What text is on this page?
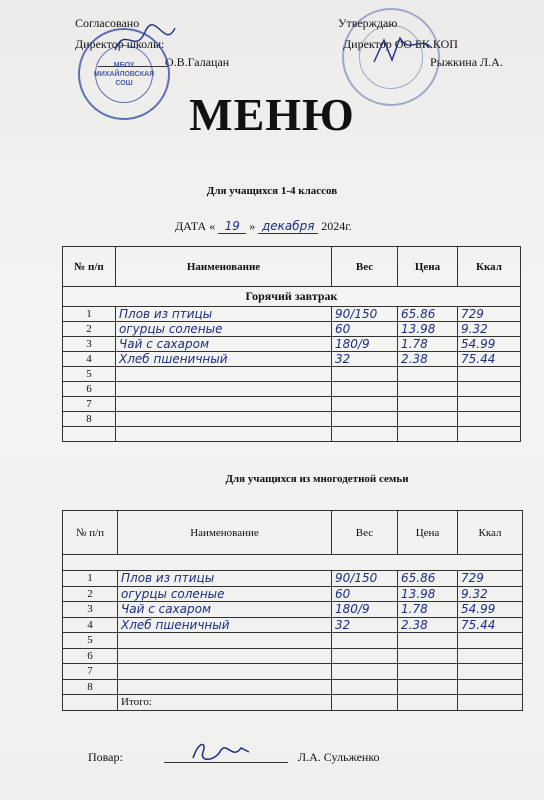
Согласовано
Директор школы:
О.В.Галацан
МБОУ МИХАЙЛОВСКАЯ СОШ
Утверждаю
Директор ОО БК КОП
Рыжкина Л.А.
МЕНЮ
Для учащихся 1-4 классов
ДАТА « 19 » декабря 2024г.
№ п/п	Наименование	Вес	Цена	Ккал
Горячий завтрак				
1	Плов из птицы	90/150	65.86	729
2	огурцы соленые	60	13.98	9.32
3	Чай с сахаром	180/9	1.78	54.99
4	Хлеб пшеничный	32	2.38	75.44
5				
6				
7				
8				

Для учащихся из многодетной семьи
№ п/п	Наименование	Вес	Цена	Ккал

1	Плов из птицы	90/150	65.86	729
2	огурцы соленые	60	13.98	9.32
3	Чай с сахаром	180/9	1.78	54.99
4	Хлеб пшеничный	32	2.38	75.44
5				
6				
7				
8				
	Итого:			
Повар:	Л.А. Сульженко
